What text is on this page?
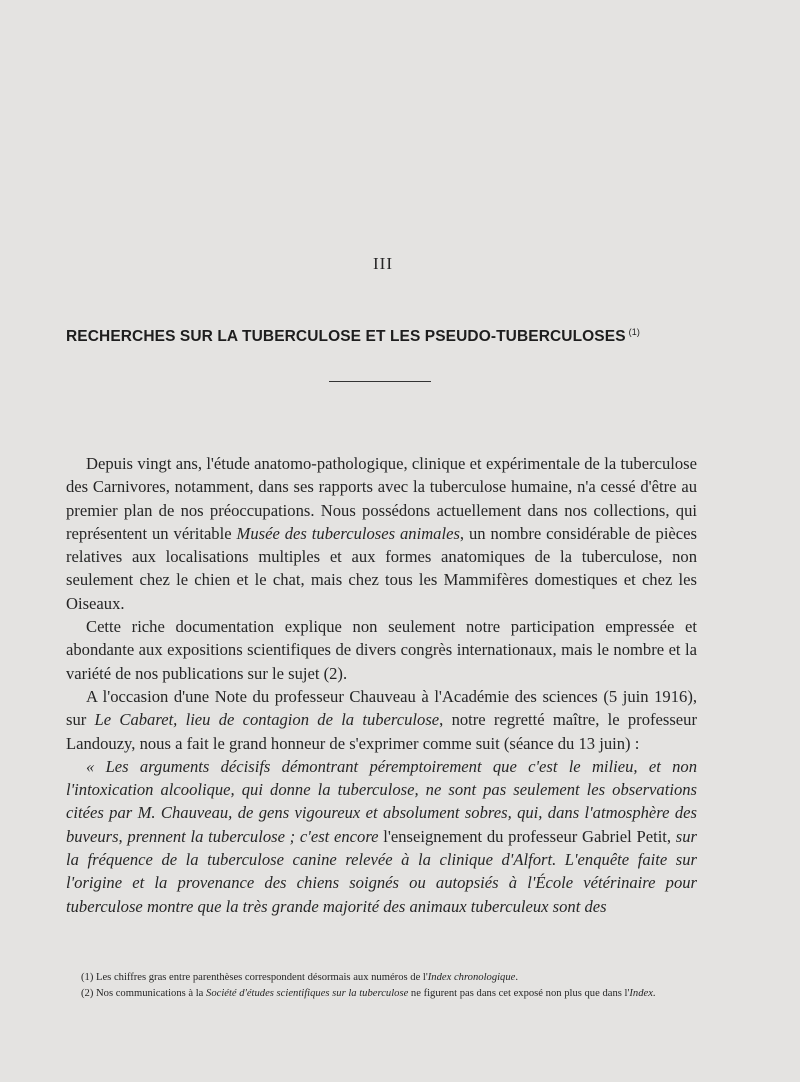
III
RECHERCHES SUR LA TUBERCULOSE ET LES PSEUDO-TUBERCULOSES $^{(1)}$

Depuis vingt ans, l'étude anatomo-pathologique, clinique et expérimentale de la tuberculose des Carnivores, notamment, dans ses rapports avec la tuberculose humaine, n'a cessé d'être au premier plan de nos préoccupations. Nous possédons actuellement dans nos collections, qui représentent un véritable Musée des tuberculoses animales, un nombre considérable de pièces relatives aux localisations multiples et aux formes anatomiques de la tuberculose, non seulement chez le chien et le chat, mais chez tous les Mammifères domestiques et chez les Oiseaux.

Cette riche documentation explique non seulement notre participation empressée et abondante aux expositions scientifiques de divers congrès internationaux, mais le nombre et la variété de nos publications sur le sujet (2).

A l'occasion d'une Note du professeur Chauveau à l'Académie des sciences (5 juin 1916), sur Le Cabaret, lieu de contagion de la tuberculose, notre regretté maître, le professeur Landouzy, nous a fait le grand honneur de s'exprimer comme suit (séance du 13 juin) :

« Les arguments décisifs démontrant péremptoirement que c'est le milieu, et non l'intoxication alcoolique, qui donne la tuberculose, ne sont pas seulement les observations citées par M. Chauveau, de gens vigoureux et absolument sobres, qui, dans l'atmosphère des buveurs, prennent la tuberculose ; c'est encore l'enseignement du professeur Gabriel Petit, sur la fréquence de la tuberculose canine relevée à la clinique d'Alfort. L'enquête faite sur l'origine et la provenance des chiens soignés ou autopsiés à l'École vétérinaire pour tuberculose montre que la très grande majorité des animaux tuberculeux sont des

(1) Les chiffres gras entre parenthèses correspondent désormais aux numéros de l'Index chronologique.

(2) Nos communications à la Société d'études scientifiques sur la tuberculose ne figurent pas dans cet exposé non plus que dans l'Index.
